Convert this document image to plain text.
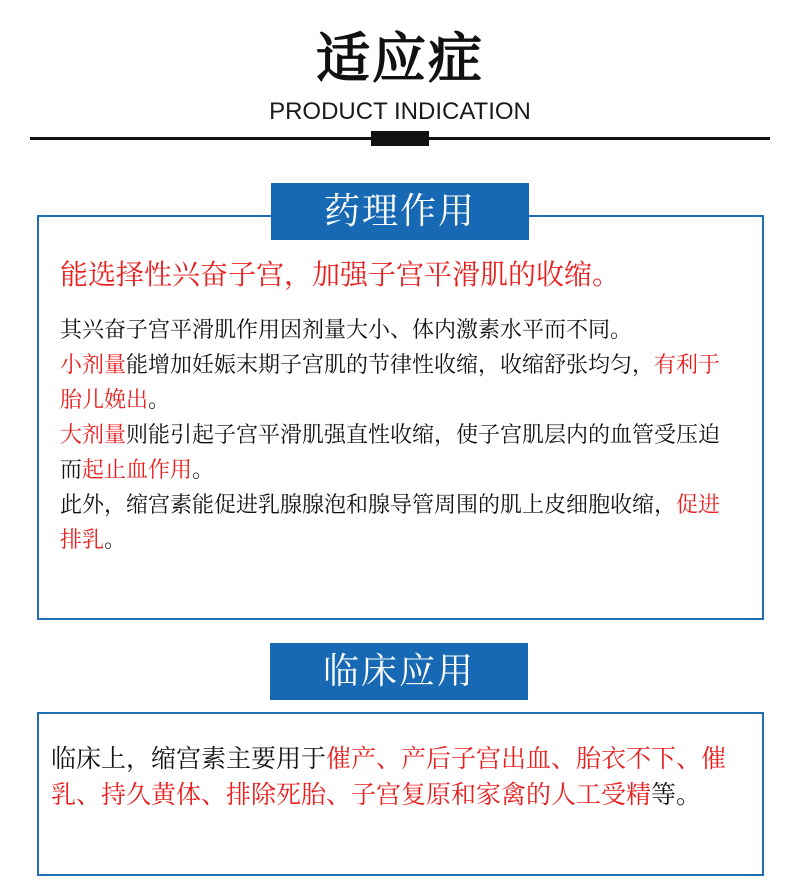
适应症
PRODUCT INDICATION
药理作用
能选择性兴奋子宫，加强子宫平滑肌的收缩。

其兴奋子宫平滑肌作用因剂量大小、体内激素水平而不同。

小剂量能增加妊娠末期子宫肌的节律性收缩，收缩舒张均匀，有利于胎儿娩出。

大剂量则能引起子宫平滑肌强直性收缩，使子宫肌层内的血管受压迫而起止血作用。

此外，缩宫素能促进乳腺腺泡和腺导管周围的肌上皮细胞收缩，促进排乳。

临床应用

临床上，缩宫素主要用于催产、产后子宫出血、胎衣不下、催乳、持久黄体、排除死胎、子宫复原和家禽的人工受精等。
